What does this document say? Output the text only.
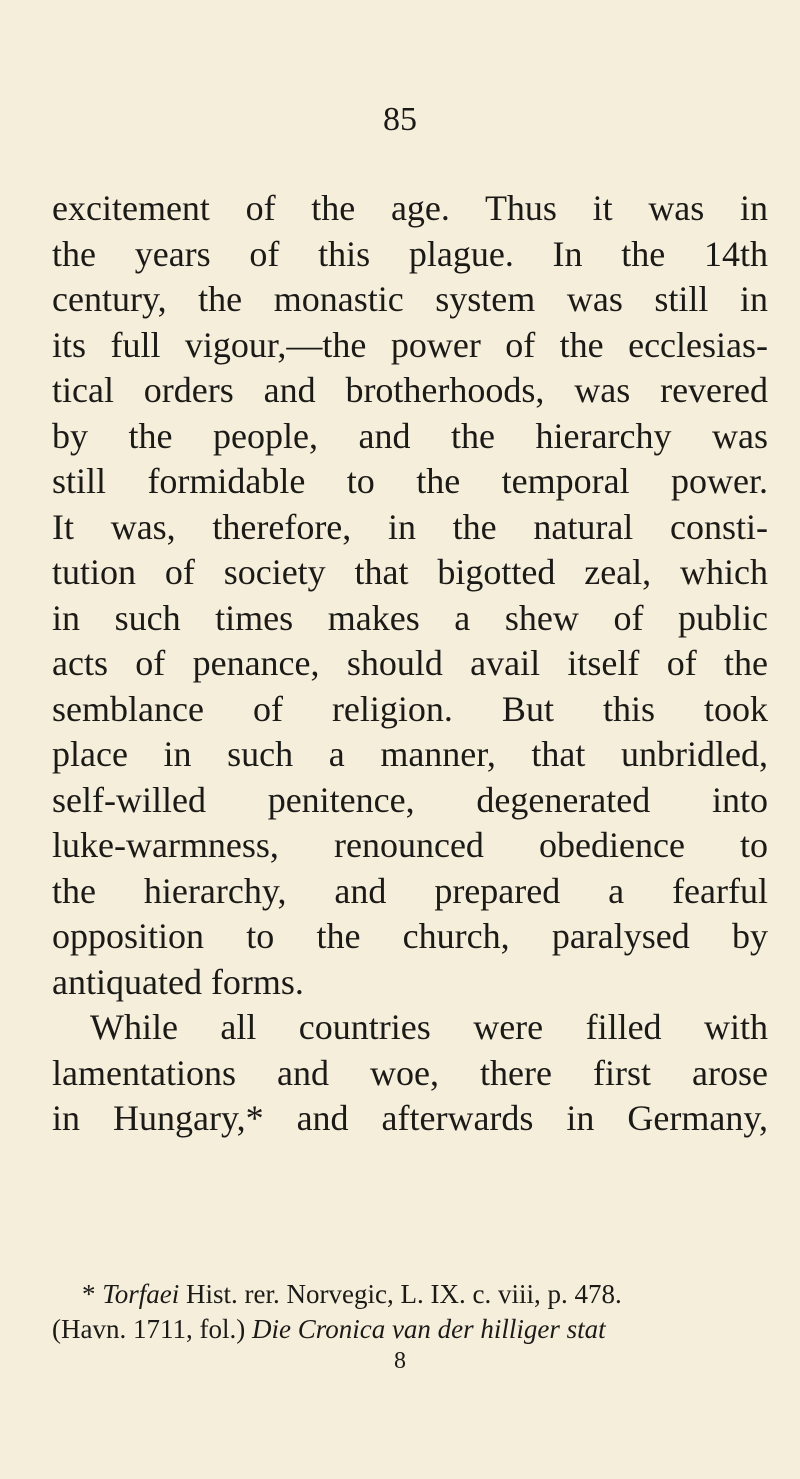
85
excitement of the age. Thus it was in
the years of this plague. In the 14th
century, the monastic system was still in
its full vigour,—the power of the ecclesias-
tical orders and brotherhoods, was revered
by the people, and the hierarchy was
still formidable to the temporal power.
It was, therefore, in the natural consti-
tution of society that bigotted zeal, which
in such times makes a shew of public
acts of penance, should avail itself of the
semblance of religion. But this took
place in such a manner, that unbridled,
self-willed penitence, degenerated into
luke-warmness, renounced obedience to
the hierarchy, and prepared a fearful
opposition to the church, paralysed by
antiquated forms.
While all countries were filled with
lamentations and woe, there first arose
in Hungary,* and afterwards in Germany,
* Torfaei Hist. rer. Norvegic, L. IX. c. viii, p. 478.
(Havn. 1711, fol.) Die Cronica van der hilliger stat
8
